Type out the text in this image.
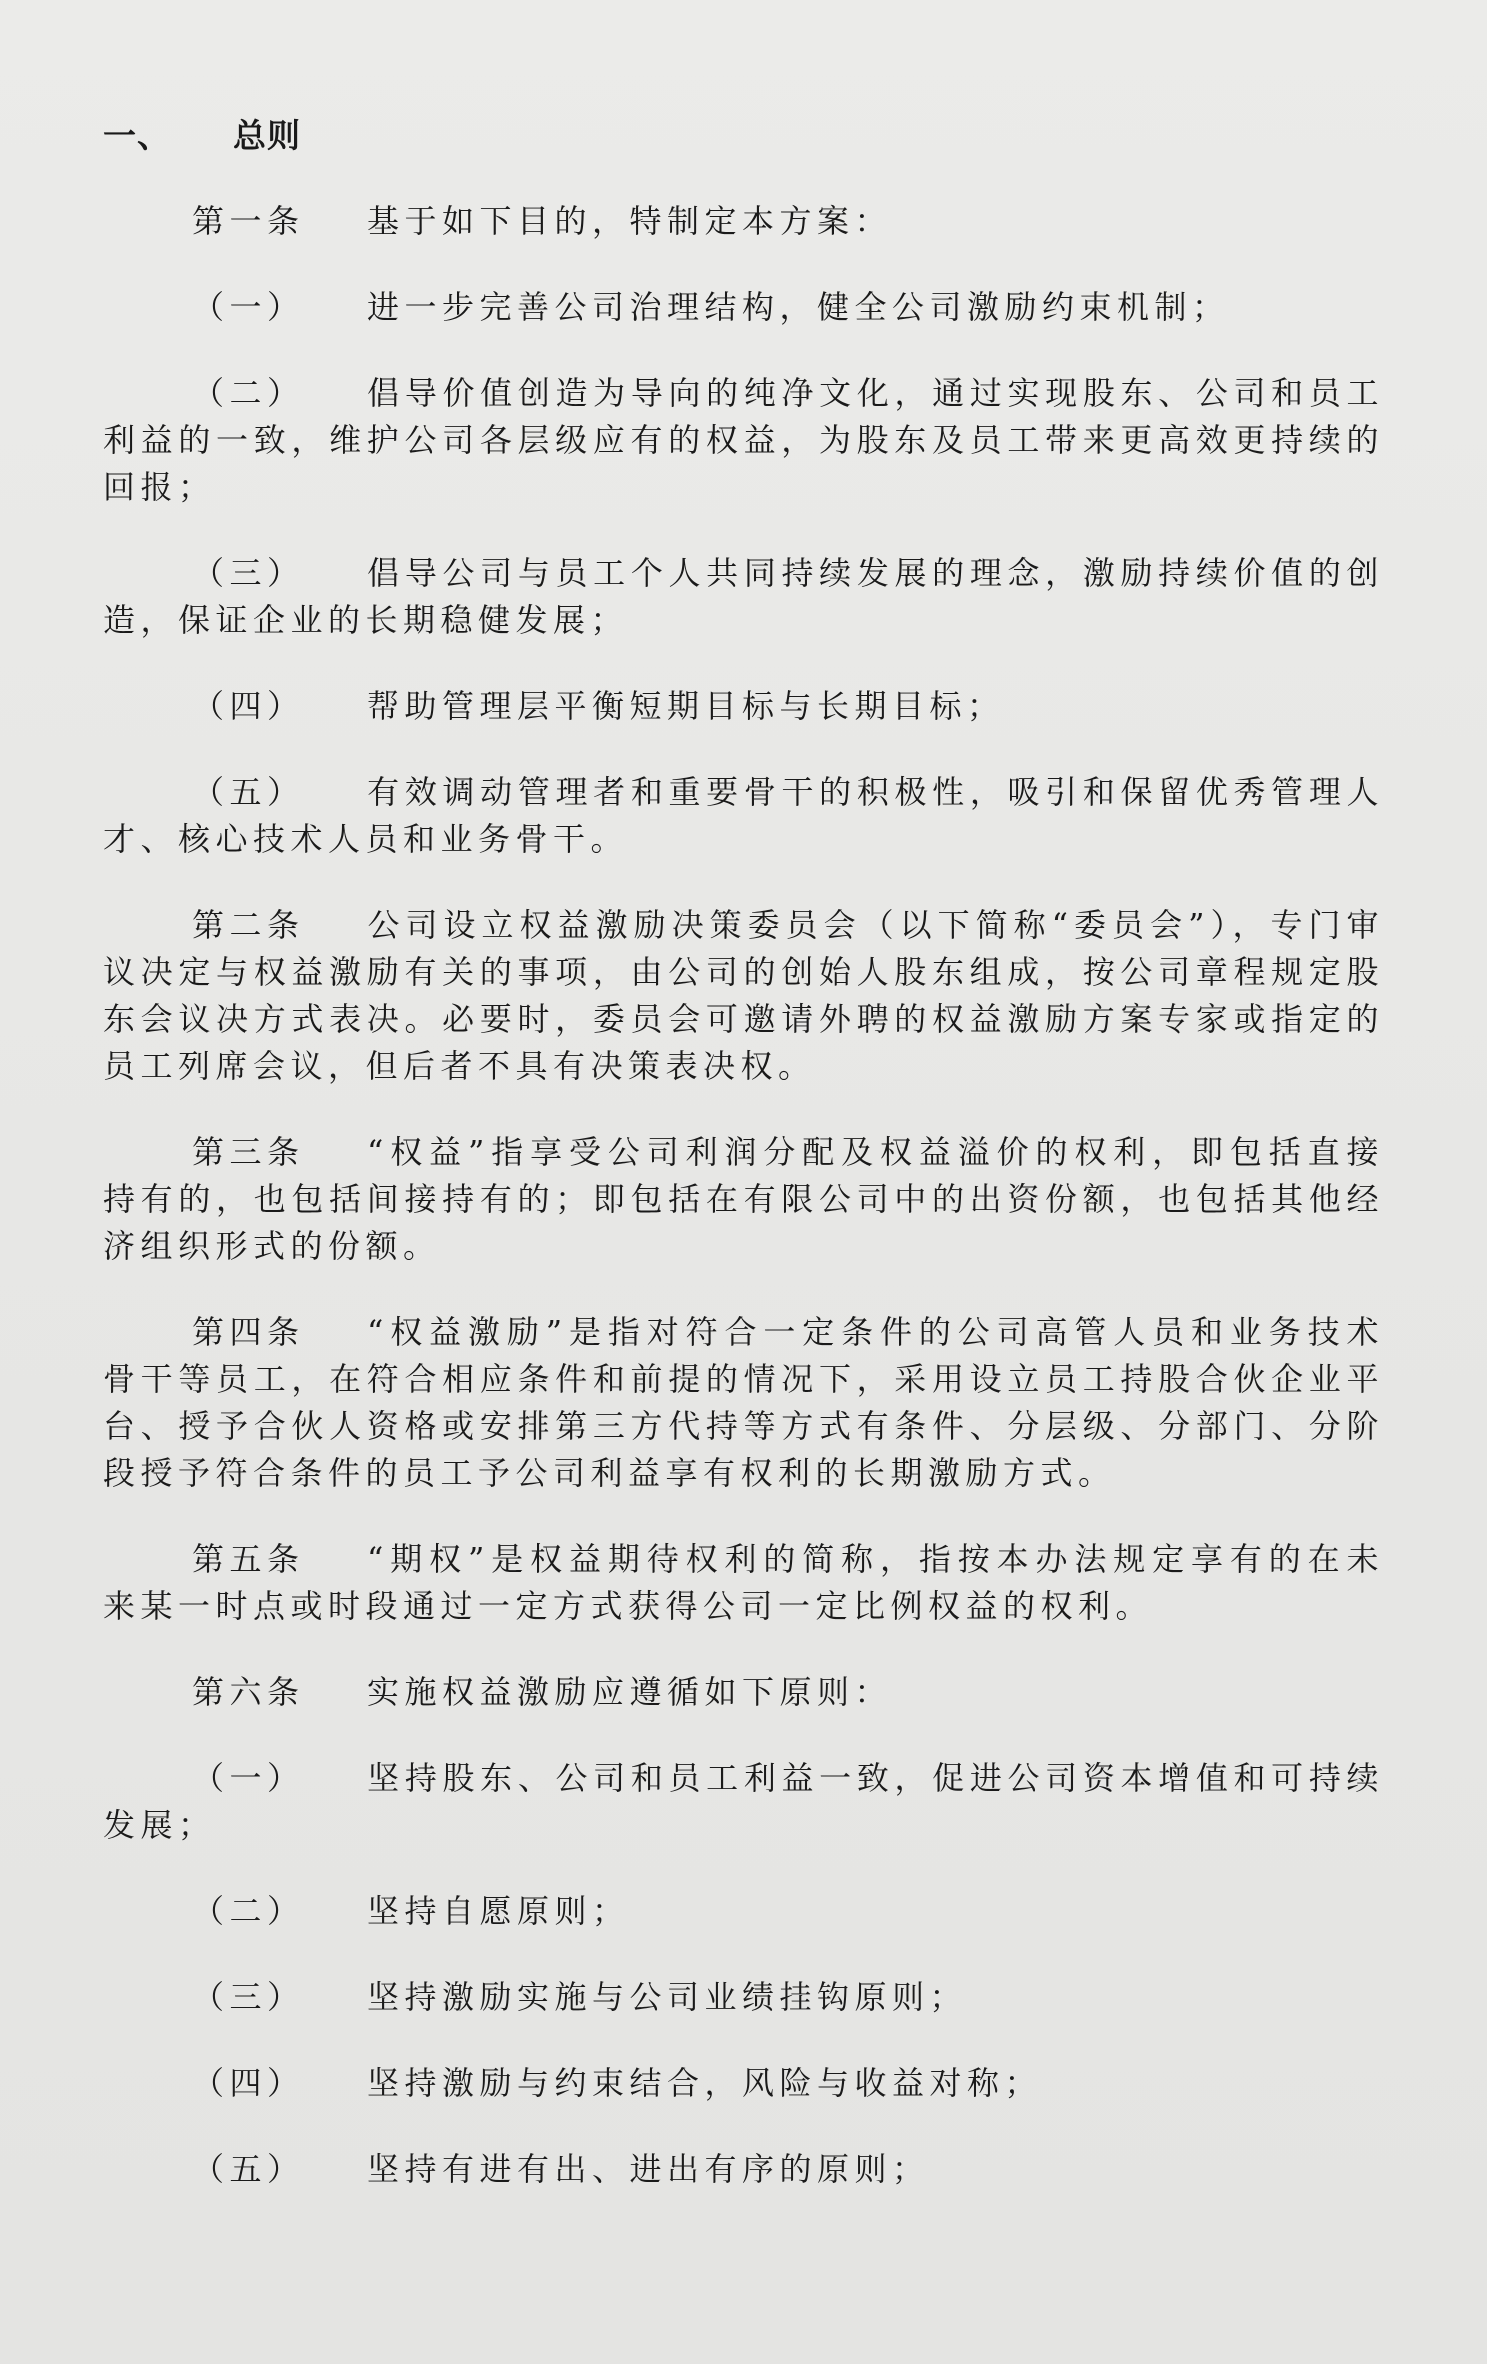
一、 总则

第一条 基于如下目的，特制定本方案：

（一） 进一步完善公司治理结构，健全公司激励约束机制；

（二） 倡导价值创造为导向的纯净文化，通过实现股东、公司和员工利益的一致，维护公司各层级应有的权益，为股东及员工带来更高效更持续的回报；

（三） 倡导公司与员工个人共同持续发展的理念，激励持续价值的创造，保证企业的长期稳健发展；

（四） 帮助管理层平衡短期目标与长期目标；

（五） 有效调动管理者和重要骨干的积极性，吸引和保留优秀管理人才、核心技术人员和业务骨干。

第二条 公司设立权益激励决策委员会（以下简称“委员会”），专门审议决定与权益激励有关的事项，由公司的创始人股东组成，按公司章程规定股东会议决方式表决。必要时，委员会可邀请外聘的权益激励方案专家或指定的员工列席会议，但后者不具有决策表决权。

第三条 “权益”指享受公司利润分配及权益溢价的权利，即包括直接持有的，也包括间接持有的；即包括在有限公司中的出资份额，也包括其他经济组织形式的份额。

第四条 “权益激励”是指对符合一定条件的公司高管人员和业务技术骨干等员工，在符合相应条件和前提的情况下，采用设立员工持股合伙企业平台、授予合伙人资格或安排第三方代持等方式有条件、分层级、分部门、分阶段授予符合条件的员工予公司利益享有权利的长期激励方式。

第五条 “期权”是权益期待权利的简称，指按本办法规定享有的在未来某一时点或时段通过一定方式获得公司一定比例权益的权利。

第六条 实施权益激励应遵循如下原则：

（一） 坚持股东、公司和员工利益一致，促进公司资本增值和可持续发展；

（二） 坚持自愿原则；

（三） 坚持激励实施与公司业绩挂钩原则；

（四） 坚持激励与约束结合，风险与收益对称；

（五） 坚持有进有出、进出有序的原则；
